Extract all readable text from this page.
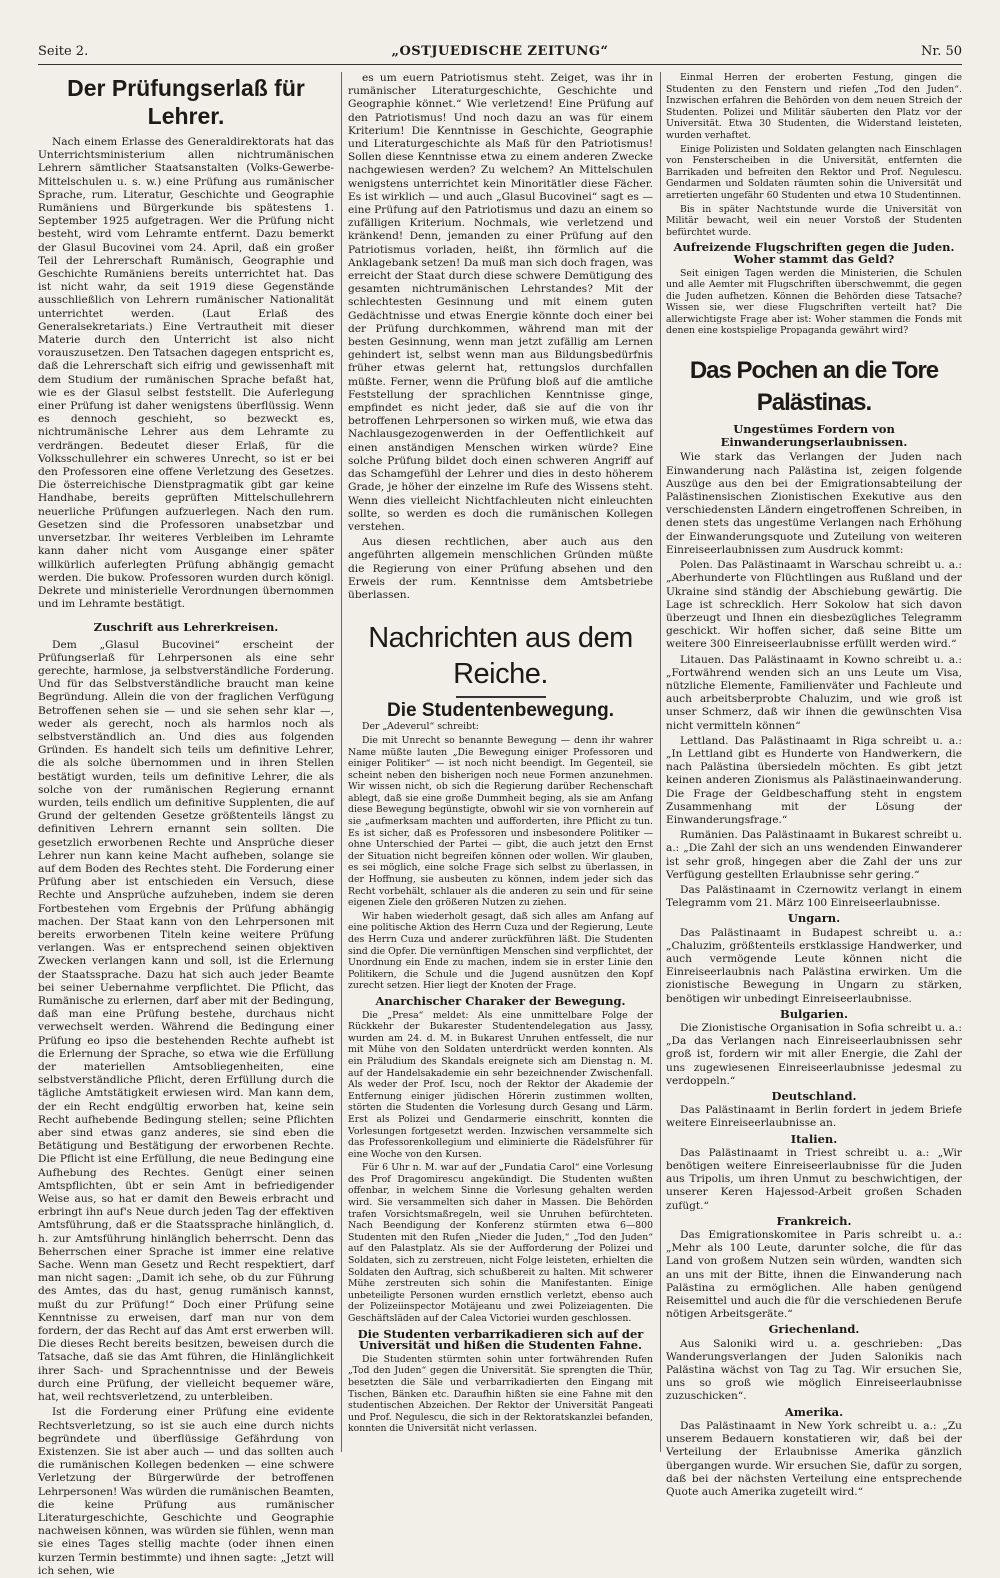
Seite 2.	„OSTJUEDISCHE ZEITUNG“	Nr. 50
Der Prüfungserlaß für Lehrer.

Nach einem Erlasse des Generaldirektorats hat das Unterrichtsministerium allen nichtrumänischen Lehrern sämtlicher Staatsanstalten (Volks-Gewerbe-Mittelschulen u. s. w.) eine Prüfung aus rumänischer Sprache, rum. Literatur, Geschichte und Geographie Rumäniens und Bürgerkunde bis spätestens 1. September 1925 aufgetragen. Wer die Prüfung nicht besteht, wird vom Lehramte entfernt. Dazu bemerkt der Glasul Bucovinei vom 24. April, daß ein großer Teil der Lehrerschaft Rumänisch, Geographie und Geschichte Rumäniens bereits unterrichtet hat. Das ist nicht wahr, da seit 1919 diese Gegenstände ausschließlich von Lehrern rumänischer Nationalität unterrichtet werden. (Laut Erlaß des Generalsekretariats.) Eine Vertrautheit mit dieser Materie durch den Unterricht ist also nicht vorauszusetzen. Den Tatsachen dagegen entspricht es, daß die Lehrerschaft sich eifrig und gewissenhaft mit dem Studium der rumänischen Sprache befaßt hat, wie es der Glasul selbst feststellt. Die Auferlegung einer Prüfung ist daher wenigstens überflüssig. Wenn es dennoch geschieht, so bezweckt es, nichtrumänische Lehrer aus dem Lehramte zu verdrängen. Bedeutet dieser Erlaß, für die Volksschullehrer ein schweres Unrecht, so ist er bei den Professoren eine offene Verletzung des Gesetzes. Die österreichische Dienstpragmatik gibt gar keine Handhabe, bereits geprüften Mittelschullehrern neuerliche Prüfungen aufzuerlegen. Nach den rum. Gesetzen sind die Professoren unabsetzbar und unversetzbar. Ihr weiteres Verbleiben im Lehramte kann daher nicht vom Ausgange einer später willkürlich auferlegten Prüfung abhängig gemacht werden. Die bukow. Professoren wurden durch königl. Dekrete und ministerielle Verordnungen übernommen und im Lehramte bestätigt.

Zuschrift aus Lehrerkreisen.

Dem „Glasul Bucovinei“ erscheint der Prüfungserlaß für Lehrpersonen als eine sehr gerechte, harmlose, ja selbstverständliche Forderung. Und für das Selbstverständliche braucht man keine Begründung. Allein die von der fraglichen Verfügung Betroffenen sehen sie — und sie sehen sehr klar —, weder als gerecht, noch als harmlos noch als selbstverständlich an. Und dies aus folgenden Gründen. Es handelt sich teils um definitive Lehrer, die als solche übernommen und in ihren Stellen bestätigt wurden, teils um definitive Lehrer, die als solche von der rumänischen Regierung ernannt wurden, teils endlich um definitive Supplenten, die auf Grund der geltenden Gesetze größtenteils längst zu definitiven Lehrern ernannt sein sollten. Die gesetzlich erworbenen Rechte und Ansprüche dieser Lehrer nun kann keine Macht aufheben, solange sie auf dem Boden des Rechtes steht. Die Forderung einer Prüfung aber ist entschieden ein Versuch, diese Rechte und Ansprüche aufzuheben, indem sie deren Fortbestehen vom Ergebnis der Prüfung abhängig machen. Der Staat kann von den Lehrpersonen mit bereits erworbenen Titeln keine weitere Prüfung verlangen. Was er entsprechend seinen objektiven Zwecken verlangen kann und soll, ist die Erlernung der Staatssprache. Dazu hat sich auch jeder Beamte bei seiner Uebernahme verpflichtet. Die Pflicht, das Rumänische zu erlernen, darf aber mit der Bedingung, daß man eine Prüfung bestehe, durchaus nicht verwechselt werden. Während die Bedingung einer Prüfung eo ipso die bestehenden Rechte aufhebt ist die Erlernung der Sprache, so etwa wie die Erfüllung der materiellen Amtsobliegenheiten, eine selbstverständliche Pflicht, deren Erfüllung durch die tägliche Amtstätigkeit erwiesen wird. Man kann dem, der ein Recht endgültig erworben hat, keine sein Recht aufhebende Bedingung stellen; seine Pflichten aber sind etwas ganz anderes, sie sind eben die Betätigung und Bestätigung der erworbenen Rechte. Die Pflicht ist eine Erfüllung, die neue Bedingung eine Aufhebung des Rechtes. Genügt einer seinen Amtspflichten, übt er sein Amt in befriedigender Weise aus, so hat er damit den Beweis erbracht und erbringt ihn auf's Neue durch jeden Tag der effektiven Amtsführung, daß er die Staatssprache hinlänglich, d. h. zur Amtsführung hinlänglich beherrscht. Denn das Beherrschen einer Sprache ist immer eine relative Sache. Wenn man Gesetz und Recht respektiert, darf man nicht sagen: „Damit ich sehe, ob du zur Führung des Amtes, das du hast, genug rumänisch kannst, mußt du zur Prüfung!“ Doch einer Prüfung seine Kenntnisse zu erweisen, darf man nur von dem fordern, der das Recht auf das Amt erst erwerben will. Die dieses Recht bereits besitzen, beweisen durch die Tatsache, daß sie das Amt führen, die Hinlänglichkeit ihrer Sach- und Sprachenntnisse und der Beweis durch eine Prüfung, der vielleicht bequemer wäre, hat, weil rechtsverletzend, zu unterbleiben.

Ist die Forderung einer Prüfung eine evidente Rechtsverletzung, so ist sie auch eine durch nichts begründete und überflüssige Gefährdung von Existenzen. Sie ist aber auch — und das sollten auch die rumänischen Kollegen bedenken — eine schwere Verletzung der Bürgerwürde der betroffenen Lehrpersonen! Was würden die rumänischen Beamten, die keine Prüfung aus rumänischer Literaturgeschichte, Geschichte und Geographie nachweisen können, was würden sie fühlen, wenn man sie eines Tages stellig machte (oder ihnen einen kurzen Termin bestimmte) und ihnen sagte: „Jetzt will ich sehen, wie

es um euern Patriotismus steht. Zeiget, was ihr in rumänischer Literaturgeschichte, Geschichte und Geographie könnet.“ Wie verletzend! Eine Prüfung auf den Patriotismus! Und noch dazu an was für einem Kriterium! Die Kenntnisse in Geschichte, Geographie und Literaturgeschichte als Maß für den Patriotismus! Sollen diese Kenntnisse etwa zu einem anderen Zwecke nachgewiesen werden? Zu welchem? An Mittelschulen wenigstens unterrichtet kein Minoritätler diese Fächer. Es ist wirklich — und auch „Glasul Bucovinei“ sagt es — eine Prüfung auf den Patriotismus und dazu an einem so zufälligen Kriterium. Nochmals, wie verletzend und kränkend! Denn, jemanden zu einer Prüfung auf den Patriotismus vorladen, heißt, ihn förmlich auf die Anklagebank setzen! Da muß man sich doch fragen, was erreicht der Staat durch diese schwere Demütigung des gesamten nichtrumänischen Lehrstandes? Mit der schlechtesten Gesinnung und mit einem guten Gedächtnisse und etwas Energie könnte doch einer bei der Prüfung durchkommen, während man mit der besten Gesinnung, wenn man jetzt zufällig am Lernen gehindert ist, selbst wenn man aus Bildungsbedürfnis früher etwas gelernt hat, rettungslos durchfallen müßte. Ferner, wenn die Prüfung bloß auf die amtliche Feststellung der sprachlichen Kenntnisse ginge, empfindet es nicht jeder, daß sie auf die von ihr betroffenen Lehrpersonen so wirken muß, wie etwa das Nachlausgezogenwerden in der Oeffentlichkeit auf einen anständigen Menschen wirken würde? Eine solche Prüfung bildet doch einen schweren Angriff auf das Schamgefühl der Lehrer und dies in desto höherem Grade, je höher der einzelne im Rufe des Wissens steht. Wenn dies vielleicht Nichtfachleuten nicht einleuchten sollte, so werden es doch die rumänischen Kollegen verstehen.

Aus diesen rechtlichen, aber auch aus den angeführten allgemein menschlichen Gründen müßte die Regierung von einer Prüfung absehen und den Erweis der rum. Kenntnisse dem Amtsbetriebe überlassen.

Nachrichten aus dem Reiche.
Die Studentenbewegung.

Der „Adeverul“ schreibt:

Die mit Unrecht so benannte Bewegung — denn ihr wahrer Name müßte lauten „Die Bewegung einiger Professoren und einiger Politiker“ — ist noch nicht beendigt. Im Gegenteil, sie scheint neben den bisherigen noch neue Formen anzunehmen. Wir wissen nicht, ob sich die Regierung darüber Rechenschaft ablegt, daß sie eine große Dummheit beging, als sie am Anfang diese Bewegung begünstigte, obwohl wir sie von vornherein auf sie „aufmerksam machten und aufforderten, ihre Pflicht zu tun. Es ist sicher, daß es Professoren und insbesondere Politiker — ohne Unterschied der Partei — gibt, die auch jetzt den Ernst der Situation nicht begreifen können oder wollen. Wir glauben, es sei möglich, eine solche Frage sich selbst zu überlassen, in der Hoffnung, sie ausbeuten zu können, indem jeder sich das Recht vorbehält, schlauer als die anderen zu sein und für seine eigenen Ziele den größeren Nutzen zu ziehen.

Wir haben wiederholt gesagt, daß sich alles am Anfang auf eine politische Aktion des Herrn Cuza und der Regierung, Leute des Herrn Cuza und anderer zurückführen läßt. Die Studenten sind die Opfer. Die vernünftigen Menschen sind verpflichtet, der Unordnung ein Ende zu machen, indem sie in erster Linie den Politikern, die Schule und die Jugend ausnützen den Kopf zurecht setzen. Hier liegt der Knoten der Frage.

Anarchischer Charaker der Bewegung.

Die „Presa“ meldet: Als eine unmittelbare Folge der Rückkehr der Bukarester Studentendelegation aus Jassy, wurden am 24. d. M. in Bukarest Unruhen entfesselt, die nur mit Mühe von den Soldaten unterdrückt werden konnten. Als ein Präludium des Skandals ereignete sich am Dienstag n. M. auf der Handelsakademie ein sehr bezeichnender Zwischenfall. Als weder der Prof. Iscu, noch der Rektor der Akademie der Entfernung einiger jüdischen Hörerin zustimmen wollten, störten die Studenten die Vorlesung durch Gesang und Lärm. Erst als Polizei und Gendarmerie einschritt, konnten die Vorlesungen fortgesetzt werden. Inzwischen versammelte sich das Professorenkollegium und eliminierte die Rädelsführer für eine Woche von den Kursen.

Für 6 Uhr n. M. war auf der „Fundatia Carol“ eine Vorlesung des Prof Dragomirescu angekündigt. Die Studenten wußten offenbar, in welchem Sinne die Vorlesung gehalten werden wird. Sie versammelten sich daher in Massen. Die Behörden trafen Vorsichtsmaßregeln, weil sie Unruhen befürchteten. Nach Beendigung der Konferenz stürmten etwa 6—800 Studenten mit den Rufen „Nieder die Juden,“ „Tod den Juden“ auf den Palastplatz. Als sie der Aufforderung der Polizei und Soldaten, sich zu zerstreuen, nicht Folge leisteten, erhielten die Soldaten den Auftrag, sich schußbereit zu halten. Mit schwerer Mühe zerstreuten sich sohin die Manifestanten. Einige unbeteiligte Personen wurden ernstlich verletzt, ebenso auch der Polizeiinspector Motäjeanu und zwei Polizeiagenten. Die Geschäftsläden auf der Calea Victoriei wurden geschlossen.

Die Studenten verbarrikadieren sich auf der Universität und hißen die Studenten Fahne.

Die Studenten stürmten sohin unter fortwährenden Rufen „Tod den Juden“ gegen die Universität. Sie sprengten die Thür, besetzten die Säle und verbarrikadierten den Eingang mit Tischen, Bänken etc. Daraufhin hißten sie eine Fahne mit den studentischen Abzeichen. Der Rektor der Universität Pangeati und Prof. Negulescu, die sich in der Rektoratskanzlei befanden, konnten die Universität nicht verlassen.

Einmal Herren der eroberten Festung, gingen die Studenten zu den Fenstern und riefen „Tod den Juden“. Inzwischen erfahren die Behörden von dem neuen Streich der Studenten. Polizei und Militär säuberten den Platz vor der Universität. Etwa 30 Studenten, die Widerstand leisteten, wurden verhaftet.

Einige Polizisten und Soldaten gelangten nach Einschlagen von Fensterscheiben in die Universität, entfernten die Barrikaden und befreiten den Rektor und Prof. Negulescu. Gendarmen und Soldaten räumten sohin die Universität und arretierten ungefähr 60 Studenten und etwa 10 Studentinnen.

Bis in später Nachtstunde wurde die Universität von Militär bewacht, weil ein neuer Vorstoß der Studenten befürchtet wurde.

Aufreizende Flugschriften gegen die Juden. Woher stammt das Geld?

Seit einigen Tagen werden die Ministerien, die Schulen und alle Aemter mit Flugschriften überschwemmt, die gegen die Juden aufhetzen. Können die Behörden diese Tatsache? Wissen sie, wer diese Flugschriften verteilt hat? Die allerwichtigste Frage aber ist: Woher stammen die Fonds mit denen eine kostspielige Propaganda gewährt wird?

Das Pochen an die Tore Palästinas.
Ungestümes Fordern von Einwanderungserlaubnissen.

Wie stark das Verlangen der Juden nach Einwanderung nach Palästina ist, zeigen folgende Auszüge aus den bei der Emigrationsabteilung der Palästinensischen Zionistischen Exekutive aus den verschiedensten Ländern eingetroffenen Schreiben, in denen stets das ungestüme Verlangen nach Erhöhung der Einwanderungsquote und Zuteilung von weiteren Einreiseerlaubnissen zum Ausdruck kommt:

Polen. Das Palästinaamt in Warschau schreibt u. a.: „Aberhunderte von Flüchtlingen aus Rußland und der Ukraine sind ständig der Abschiebung gewärtig. Die Lage ist schrecklich. Herr Sokolow hat sich davon überzeugt und Ihnen ein diesbezügliches Telegramm geschickt. Wir hoffen sicher, daß seine Bitte um weitere 300 Einreiseerlaubnisse erfüllt werden wird.“

Litauen. Das Palästinaamt in Kowno schreibt u. a.: „Fortwährend wenden sich an uns Leute um Visa, nützliche Elemente, Familienväter und Fachleute und auch arbeitsberprobte Chaluzim, und wie groß ist unser Schmerz, daß wir ihnen die gewünschten Visa nicht vermitteln können“

Lettland. Das Palästinaamt in Riga schreibt u. a.: „In Lettland gibt es Hunderte von Handwerkern, die nach Palästina übersiedeln möchten. Es gibt jetzt keinen anderen Zionismus als Palästinaeinwanderung. Die Frage der Geldbeschaffung steht in engstem Zusammenhang mit der Lösung der Einwanderungsfrage.“

Rumänien. Das Palästinaamt in Bukarest schreibt u. a.: „Die Zahl der sich an uns wendenden Einwanderer ist sehr groß, hingegen aber die Zahl der uns zur Verfügung gestellten Erlaubnisse sehr gering.“

Das Palästinaamt in Czernowitz verlangt in einem Telegramm vom 21. März 100 Einreiseerlaubnisse.

Ungarn.

Das Palästinaamt in Budapest schreibt u. a.: „Chaluzim, größtenteils erstklassige Handwerker, und auch vermögende Leute können nicht die Einreiseerlaubnis nach Palästina erwirken. Um die zionistische Bewegung in Ungarn zu stärken, benötigen wir unbedingt Einreiseerlaubnisse.

Bulgarien.

Die Zionistische Organisation in Sofia schreibt u. a.: „Da das Verlangen nach Einreiseerlaubnissen sehr groß ist, fordern wir mit aller Energie, die Zahl der uns zugewiesenen Einreiseerlaubnisse jedesmal zu verdoppeln.“

Deutschland.

Das Palästinaamt in Berlin fordert in jedem Briefe weitere Einreiseerlaubnisse an.

Italien.

Das Palästinaamt in Triest schreibt u. a.: „Wir benötigen weitere Einreiseerlaubnisse für die Juden aus Tripolis, um ihren Unmut zu beschwichtigen, der unserer Keren Hajessod-Arbeit großen Schaden zufügt.“

Frankreich.

Das Emigrationskomitee in Paris schreibt u. a.: „Mehr als 100 Leute, darunter solche, die für das Land von großem Nutzen sein würden, wandten sich an uns mit der Bitte, ihnen die Einwanderung nach Palästina zu ermöglichen. Alle haben genügend Reisemittel und auch die für die verschiedenen Berufe nötigen Arbeitsgeräte.“

Griechenland.

Aus Saloniki wird u. a. geschrieben: „Das Wanderungsverlangen der Juden Salonikis nach Palästina wächst von Tag zu Tag. Wir ersuchen Sie, uns so groß wie möglich Einreiseerlaubnisse zuzuschicken“.

Amerika.

Das Palästinaamt in New York schreibt u. a.: „Zu unserem Bedauern konstatieren wir, daß bei der Verteilung der Erlaubnisse Amerika gänzlich übergangen wurde. Wir ersuchen Sie, dafür zu sorgen, daß bei der nächsten Verteilung eine entsprechende Quote auch Amerika zugeteilt wird.“
